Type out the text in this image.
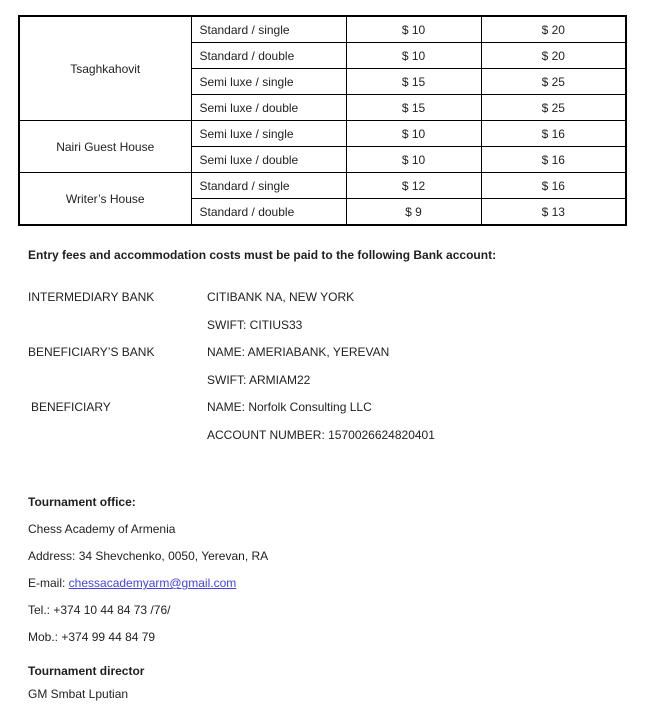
Tsaghkahovit	Standard / single	$ 10	$ 20
	Standard / double	$ 10	$ 20
	Semi luxe / single	$ 15	$ 25
	Semi luxe / double	$ 15	$ 25
Nairi Guest House	Semi luxe / single	$ 10	$ 16
	Semi luxe / double	$ 10	$ 16
Writer’s House	Standard / single	$ 12	$ 16
	Standard / double	$ 9	$ 13
Entry fees and accommodation costs must be paid to the following Bank account:
INTERMEDIARY BANK	CITIBANK NA, NEW YORK
SWIFT: CITIUS33
BENEFICIARY’S BANK	NAME: AMERIABANK, YEREVAN
SWIFT: ARMIAM22
BENEFICIARY	NAME: Norfolk Consulting LLC
ACCOUNT NUMBER: 1570026624820401

Tournament office:

Chess Academy of Armenia

Address: 34 Shevchenko, 0050, Yerevan, RA

E-mail: chessacademyarm@gmail.com

Tel.: +374 10 44 84 73 /76/

Mob.: +374 99 44 84 79

Tournament director

GM Smbat Lputian
